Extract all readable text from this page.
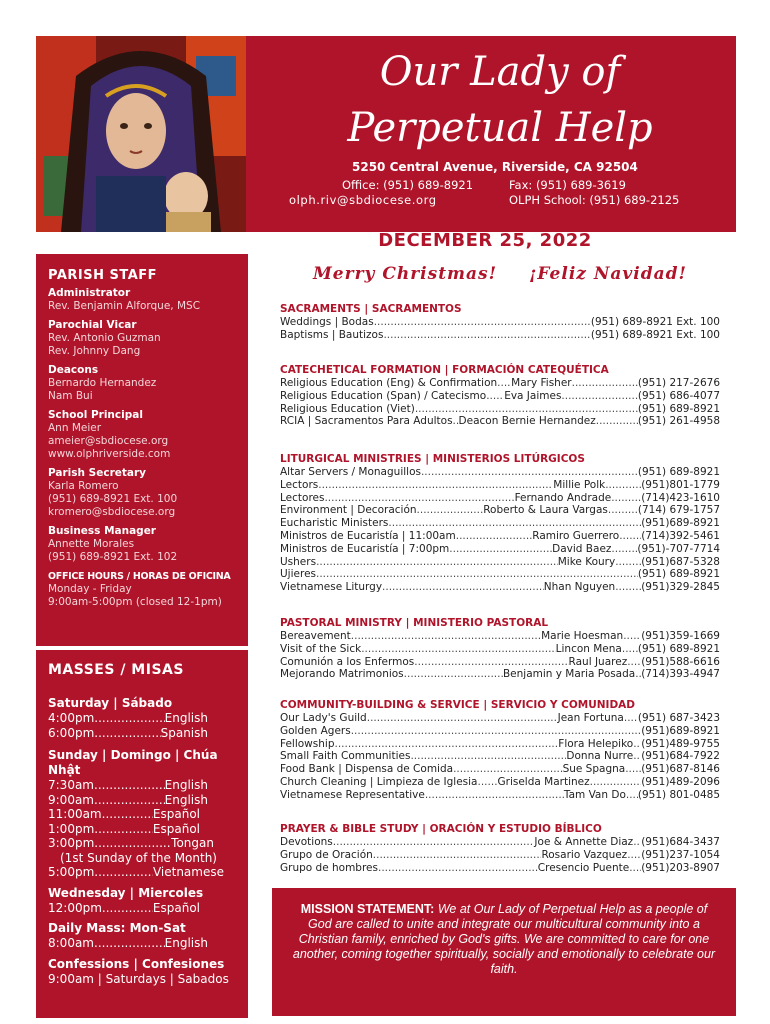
Our Lady of
Perpetual Help
5250 Central Avenue, Riverside, CA 92504
Office: (951) 689-8921	Fax: (951) 689-3619
olph.riv@sbdiocese.org	OLPH School: (951) 689-2125
DECEMBER 25, 2022
Merry Christmas! ¡Feliz Navidad!
PARISH STAFF
Administrator
Rev. Benjamin Alforque, MSC
Parochial Vicar
Rev. Antonio Guzman
Rev. Johnny Dang
Deacons
Bernardo Hernandez
Nam Bui
School Principal
Ann Meier
ameier@sbdiocese.org
www.olphriverside.com
Parish Secretary
Karla Romero
(951) 689-8921 Ext. 100
kromero@sbdiocese.org
Business Manager
Annette Morales
(951) 689-8921 Ext. 102
OFFICE HOURS / HORAS DE OFICINA
Monday - Friday
9:00am-5:00pm (closed 12-1pm)
MASSES / MISAS
Saturday | Sábado
4:00pm .....	English
6:00pm .....	Spanish
Sunday | Domingo | Chúa
Nhật
7:30am .....	English
9:00am .....	English
11:00am .....	Español
1:00pm .....	Español
3:00pm .....	Tongan
(1st Sunday of the Month)
5:00pm .....	Vietnamese
Wednesday | Miercoles
12:00pm .....	Español
Daily Mass: Mon-Sat
8:00am .....	English
Confessions | Confesiones
9:00am | Saturdays | Sabados
SACRAMENTS | SACRAMENTOS
Weddings | Bodas .....	(951) 689-8921 Ext. 100
Baptisms | Bautizos .....	(951) 689-8921 Ext. 100
CATECHETICAL FORMATION | FORMACIÓN CATEQUÉTICA
Religious Education (Eng) & Confirmation ..... Mary Fisher .....	(951) 217-2676
Religious Education (Span) / Catecismo ..... Eva Jaimes .....	(951) 686-4077
Religious Education (Viet) .....	(951) 689-8921
RCIA | Sacramentos Para Adultos ..... Deacon Bernie Hernandez .....	(951) 261-4958
LITURGICAL MINISTRIES | MINISTERIOS LITÚRGICOS
Altar Servers / Monaguillos .....	(951) 689-8921
Lectors .....	Millie Polk .....	(951)801-1779
Lectores .....	Fernando Andrade .....	(714)423-1610
Environment | Decoración .....	Roberto & Laura Vargas .....	(714) 679-1757
Eucharistic Ministers .....	(951)689-8921
Ministros de Eucaristía | 11:00am .....	Ramiro Guerrero ..... (714)392-5461
Ministros de Eucaristía | 7:00pm .....	David Baez ..... (951)-707-7714
Ushers .....	Mike Koury ..... (951)687-5328
Ujieres .....	(951) 689-8921
Vietnamese Liturgy .....	Nhan Nguyen ..... (951)329-2845
PASTORAL MINISTRY | MINISTERIO PASTORAL
Bereavement .....	Marie Hoesman ..... (951)359-1669
Visit of the Sick .....	Lincon Mena ..... (951) 689-8921
Comunión a los Enfermos .....	Raul Juarez ..... (951)588-6616
Mejorando Matrimonios .....	Benjamin y Maria Posada ..... (714)393-4947
COMMUNITY-BUILDING & SERVICE | SERVICIO Y COMUNIDAD
Our Lady's Guild .....	Jean Fortuna ..... (951) 687-3423
Golden Agers .....	(951)689-8921
Fellowship .....	Flora Helepiko ..... (951)489-9755
Small Faith Communities .....	Donna Nurre ..... (951)684-7922
Food Bank | Dispensa de Comida .....	Sue Spagna ..... (951)687-8146
Church Cleaning | Limpieza de Iglesia ..... Griselda Martinez .....	(951)489-2096
Vietnamese Representative .....	Tam Van Do ..... (951) 801-0485
PRAYER & BIBLE STUDY | ORACIÓN Y ESTUDIO BÍBLICO
Devotions .....	Joe & Annette Diaz ..... (951)684-3437
Grupo de Oración .....	Rosario Vazquez ..... (951)237-1054
Grupo de hombres .....	Cresencio Puente ..... (951)203-8907
MISSION STATEMENT: We at Our Lady of Perpetual Help as a people of God are called to unite and integrate our multicultural community into a Christian family, enriched by God's gifts. We are committed to care for one another, coming together spiritually, socially and emotionally to celebrate our faith.
